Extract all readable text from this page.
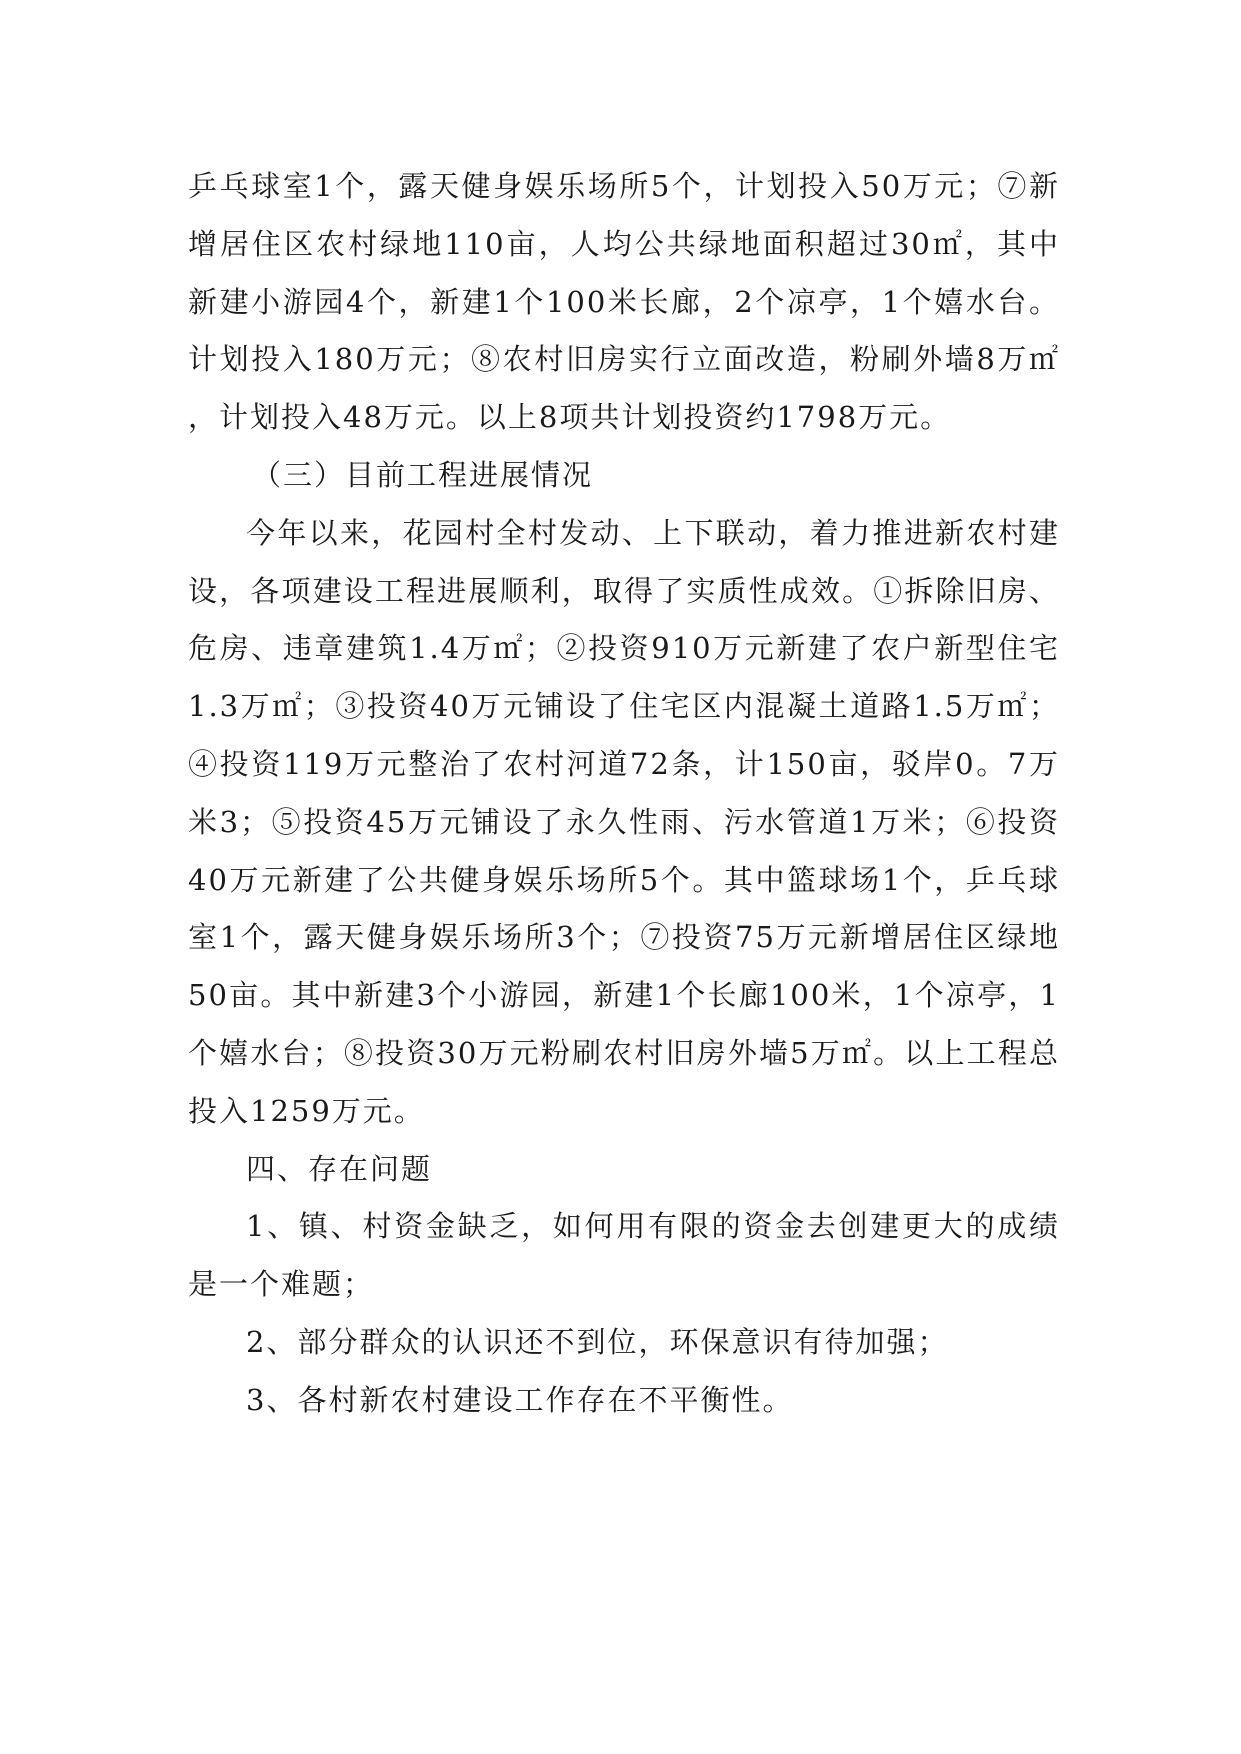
乒乓球室1个，露天健身娱乐场所5个，计划投入50万元；⑦新增居住区农村绿地110亩，人均公共绿地面积超过30㎡，其中新建小游园4个，新建1个100米长廊，2个凉亭，1个嬉水台。计划投入180万元；⑧农村旧房实行立面改造，粉刷外墙8万㎡，计划投入48万元。以上8项共计划投资约1798万元。

（三）目前工程进展情况

今年以来，花园村全村发动、上下联动，着力推进新农村建设，各项建设工程进展顺利，取得了实质性成效。①拆除旧房、危房、违章建筑1.4万㎡；②投资910万元新建了农户新型住宅1.3万㎡；③投资40万元铺设了住宅区内混凝土道路1.5万㎡；④投资119万元整治了农村河道72条，计150亩，驳岸0。7万米3；⑤投资45万元铺设了永久性雨、污水管道1万米；⑥投资40万元新建了公共健身娱乐场所5个。其中篮球场1个，乒乓球室1个，露天健身娱乐场所3个；⑦投资75万元新增居住区绿地50亩。其中新建3个小游园，新建1个长廊100米，1个凉亭，1个嬉水台；⑧投资30万元粉刷农村旧房外墙5万㎡。以上工程总投入1259万元。

四、存在问题

1、镇、村资金缺乏，如何用有限的资金去创建更大的成绩是一个难题；

2、部分群众的认识还不到位，环保意识有待加强；

3、各村新农村建设工作存在不平衡性。
